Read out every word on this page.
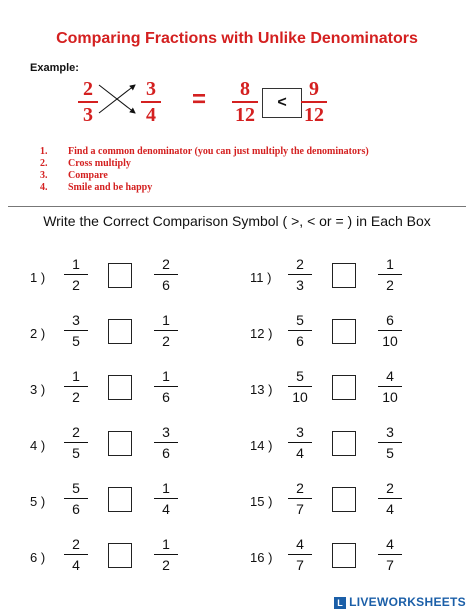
Comparing Fractions with Unlike Denominators
Example:
2
3
3
4
=	8
12
<
9
12
1. Find a common denominator (you can just multiply the denominators)
2. Cross multiply
3. Compare
4. Smile and be happy
Write the Correct Comparison Symbol ( >, < or = ) in Each Box
1 )
1
2
2
6
2 )
3
5
1
2
3 )
1
2
1
6
4 )
2
5
3
6
5 )
5
6
1
4
6 )
2
4
1
2
11 )
2
3
1
2
12 )
5
6
6
10
13 )
5
10
4
10
14 )
3
4
3
5
15 )
2
7
2
4
16 )
4
7
4
7
L LIVEWORKSHEETS
